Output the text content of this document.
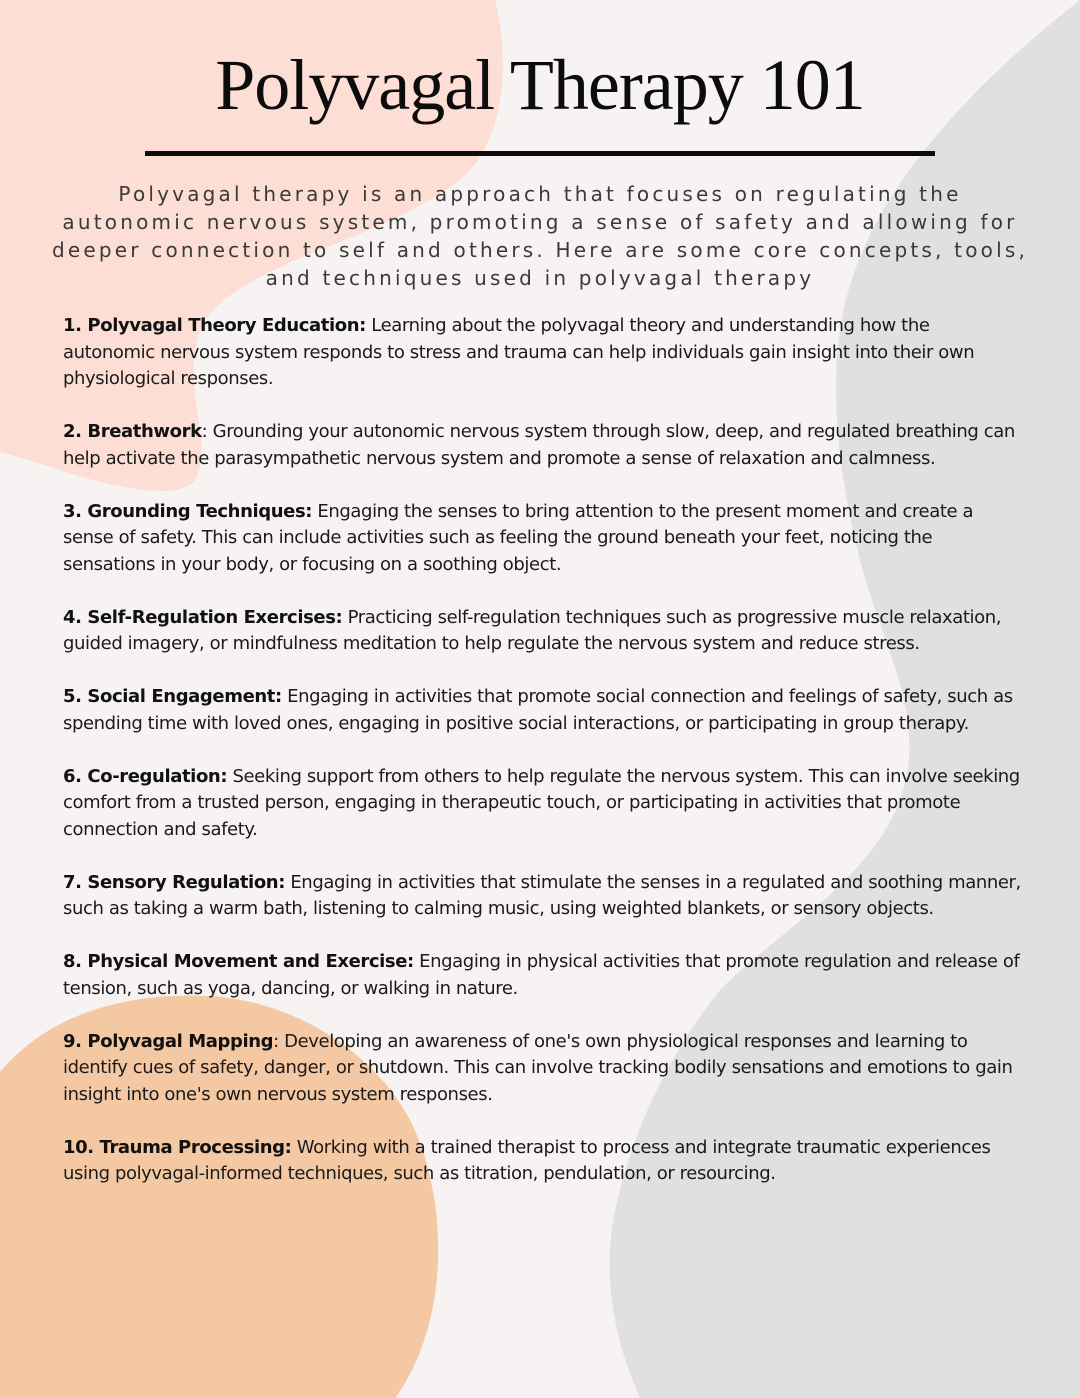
Polyvagal Therapy 101

Polyvagal therapy is an approach that focuses on regulating the autonomic nervous system, promoting a sense of safety and allowing for deeper connection to self and others. Here are some core concepts, tools, and techniques used in polyvagal therapy

1. Polyvagal Theory Education: Learning about the polyvagal theory and understanding how the autonomic nervous system responds to stress and trauma can help individuals gain insight into their own physiological responses.
2. Breathwork: Grounding your autonomic nervous system through slow, deep, and regulated breathing can help activate the parasympathetic nervous system and promote a sense of relaxation and calmness.
3. Grounding Techniques: Engaging the senses to bring attention to the present moment and create a sense of safety. This can include activities such as feeling the ground beneath your feet, noticing the sensations in your body, or focusing on a soothing object.
4. Self-Regulation Exercises: Practicing self-regulation techniques such as progressive muscle relaxation, guided imagery, or mindfulness meditation to help regulate the nervous system and reduce stress.
5. Social Engagement: Engaging in activities that promote social connection and feelings of safety, such as spending time with loved ones, engaging in positive social interactions, or participating in group therapy.
6. Co-regulation: Seeking support from others to help regulate the nervous system. This can involve seeking comfort from a trusted person, engaging in therapeutic touch, or participating in activities that promote connection and safety.
7. Sensory Regulation: Engaging in activities that stimulate the senses in a regulated and soothing manner, such as taking a warm bath, listening to calming music, using weighted blankets, or sensory objects.
8. Physical Movement and Exercise: Engaging in physical activities that promote regulation and release of tension, such as yoga, dancing, or walking in nature.
9. Polyvagal Mapping: Developing an awareness of one's own physiological responses and learning to identify cues of safety, danger, or shutdown. This can involve tracking bodily sensations and emotions to gain insight into one's own nervous system responses.
10. Trauma Processing: Working with a trained therapist to process and integrate traumatic experiences using polyvagal-informed techniques, such as titration, pendulation, or resourcing.
